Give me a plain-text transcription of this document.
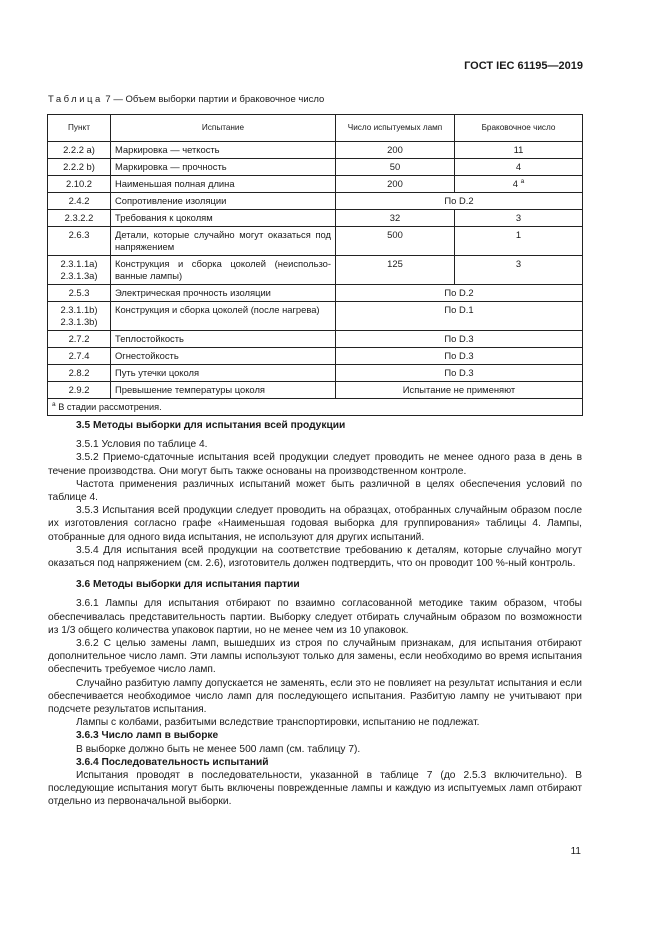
ГОСТ IEC 61195—2019
Таблица 7 — Объем выборки партии и браковочное число
Пункт	Испытание	Число испытуемых ламп	Браковочное число
2.2.2 а)	Маркировка — четкость	200	11
2.2.2 b)	Маркировка — прочность	50	4
2.10.2	Наименьшая полная длина	200	4 $^а$
2.4.2	Сопротивление изоляции	По D.2	
2.3.2.2	Требования к цоколям	32	3
2.6.3	Детали, которые случайно могут оказаться под напряжением	500	1

2.3.1.1а)
2.3.1.3а)	Конструкция и сборка цоколей (неиспользо-ванные лампы)	125	3
2.5.3	Электрическая прочность изоляции	По D.2	

2.3.1.1b)
2.3.1.3b)	Конструкция и сборка цоколей (после нагрева)	По D.1	
2.7.2	Теплостойкость	По D.3	
2.7.4	Огнестойкость	По D.3	
2.8.2	Путь утечки цоколя	По D.3	
2.9.2	Превышение температуры цоколя	Испытание не применяют	
$^а$ В стадии рассмотрения.			

3.5 Методы выборки для испытания всей продукции

3.5.1 Условия по таблице 4.

3.5.2 Приемо-сдаточные испытания всей продукции следует проводить не менее одного раза в день в течение производства. Они могут быть также основаны на производственном контроле.

Частота применения различных испытаний может быть различной в целях обеспечения условий по таблице 4.

3.5.3 Испытания всей продукции следует проводить на образцах, отобранных случайным образом после их изготовления согласно графе «Наименьшая годовая выборка для группирования» таблицы 4. Лампы, отобранные для одного вида испытания, не используют для других испытаний.

3.5.4 Для испытания всей продукции на соответствие требованию к деталям, которые случайно могут оказаться под напряжением (см. 2.6), изготовитель должен подтвердить, что он проводит 100 %-ный контроль.

3.6 Методы выборки для испытания партии

3.6.1 Лампы для испытания отбирают по взаимно согласованной методике таким образом, чтобы обеспечивалась представительность партии. Выборку следует отбирать случайным образом по возможности из 1/3 общего количества упаковок партии, но не менее чем из 10 упаковок.

3.6.2 С целью замены ламп, вышедших из строя по случайным признакам, для испытания отбирают дополнительное число ламп. Эти лампы используют только для замены, если необходимо во время испытания обеспечить требуемое число ламп.

Случайно разбитую лампу допускается не заменять, если это не повлияет на результат испытания и если обеспечивается необходимое число ламп для последующего испытания. Разбитую лампу не учитывают при подсчете результатов испытания.

Лампы с колбами, разбитыми вследствие транспортировки, испытанию не подлежат.

3.6.3 Число ламп в выборке

В выборке должно быть не менее 500 ламп (см. таблицу 7).

3.6.4 Последовательность испытаний

Испытания проводят в последовательности, указанной в таблице 7 (до 2.5.3 включительно). В последующие испытания могут быть включены поврежденные лампы и каждую из испытуемых ламп отбирают отдельно из первоначальной выборки.

11
